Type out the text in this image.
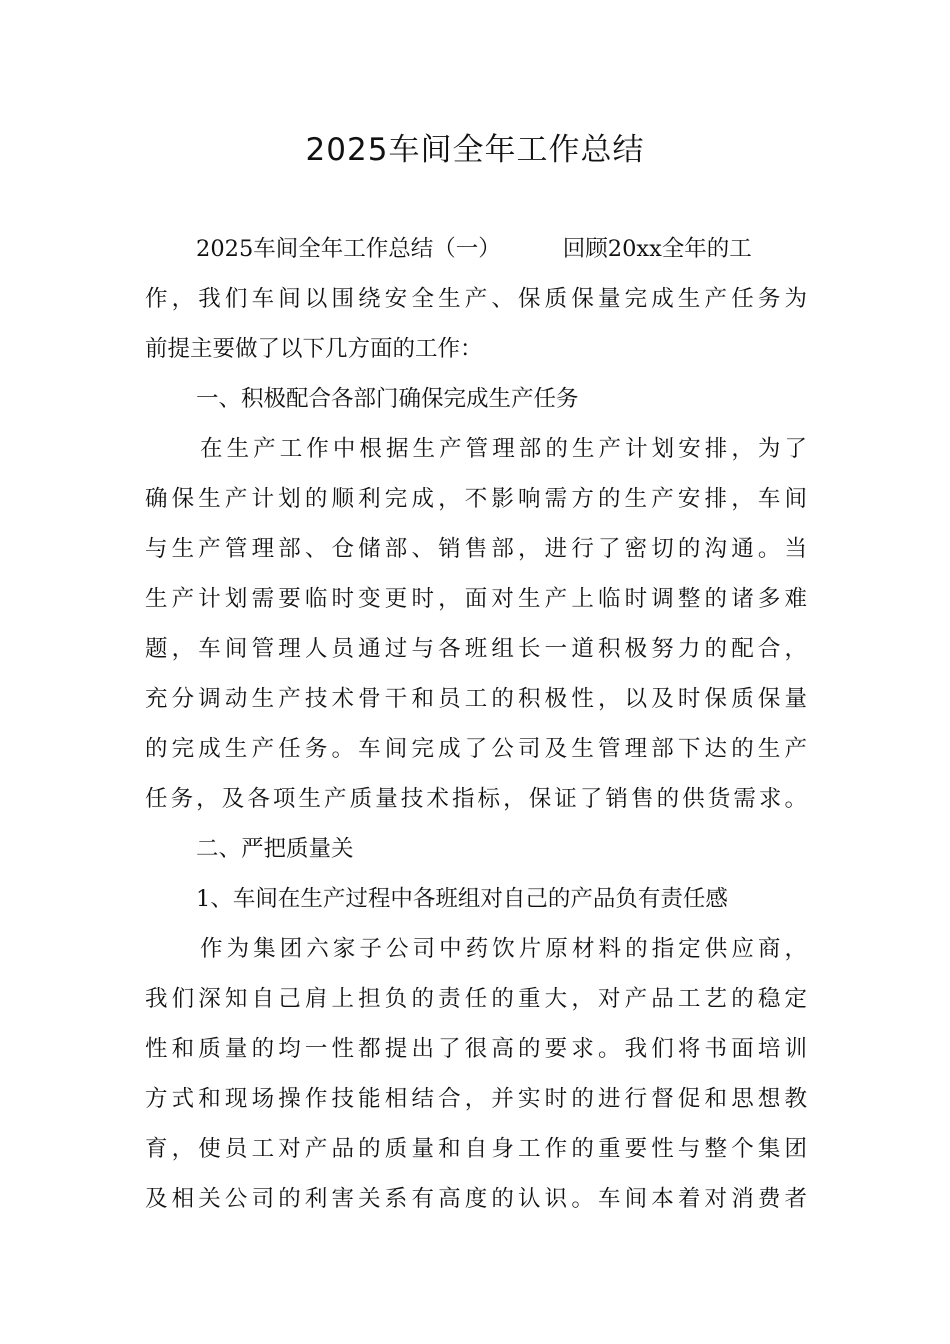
2025车间全年工作总结

2025车间全年工作总结（一）	回顾20xx全年的工

作，我们车间以围绕安全生产、保质保量完成生产任务为

前提主要做了以下几方面的工作：

一、积极配合各部门确保完成生产任务

在生产工作中根据生产管理部的生产计划安排，为了

确保生产计划的顺利完成，不影响需方的生产安排，车间

与生产管理部、仓储部、销售部，进行了密切的沟通。当

生产计划需要临时变更时，面对生产上临时调整的诸多难

题，车间管理人员通过与各班组长一道积极努力的配合，

充分调动生产技术骨干和员工的积极性，以及时保质保量

的完成生产任务。车间完成了公司及生管理部下达的生产

任务，及各项生产质量技术指标，保证了销售的供货需求。

二、严把质量关

1、车间在生产过程中各班组对自己的产品负有责任感

作为集团六家子公司中药饮片原材料的指定供应商，

我们深知自己肩上担负的责任的重大，对产品工艺的稳定

性和质量的均一性都提出了很高的要求。我们将书面培训

方式和现场操作技能相结合，并实时的进行督促和思想教

育，使员工对产品的质量和自身工作的重要性与整个集团

及相关公司的利害关系有高度的认识。车间本着对消费者
